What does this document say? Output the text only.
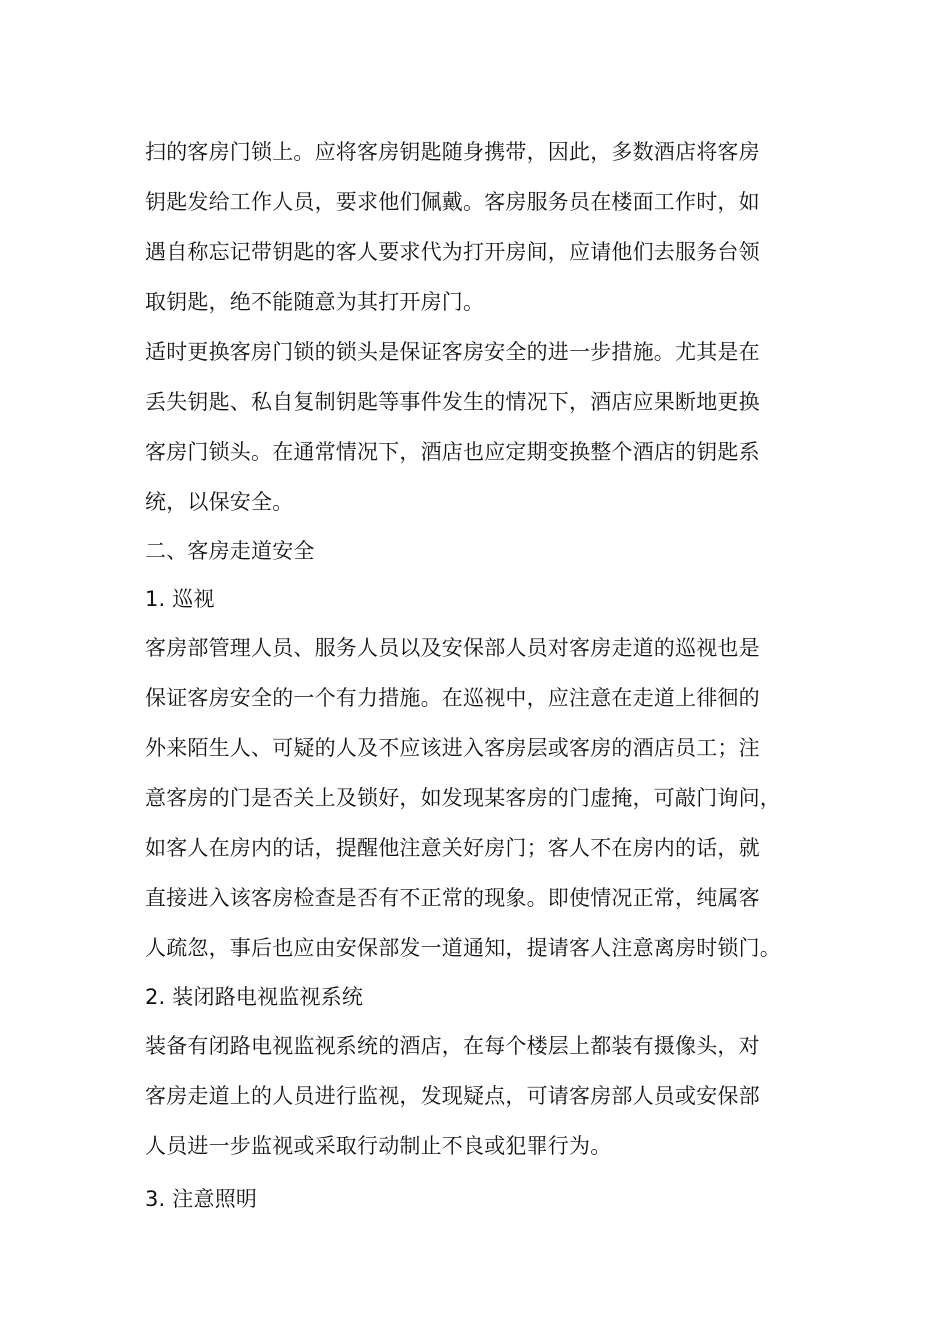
扫的客房门锁上。应将客房钥匙随身携带，因此，多数酒店将客房
钥匙发给工作人员，要求他们佩戴。客房服务员在楼面工作时，如
遇自称忘记带钥匙的客人要求代为打开房间，应请他们去服务台领
取钥匙，绝不能随意为其打开房门。
适时更换客房门锁的锁头是保证客房安全的进一步措施。尤其是在
丢失钥匙、私自复制钥匙等事件发生的情况下，酒店应果断地更换
客房门锁头。在通常情况下，酒店也应定期变换整个酒店的钥匙系
统，以保安全。
二、客房走道安全
1. 巡视
客房部管理人员、服务人员以及安保部人员对客房走道的巡视也是
保证客房安全的一个有力措施。在巡视中，应注意在走道上徘徊的
外来陌生人、可疑的人及不应该进入客房层或客房的酒店员工；注
意客房的门是否关上及锁好，如发现某客房的门虚掩，可敲门询问，
如客人在房内的话，提醒他注意关好房门；客人不在房内的话，就
直接进入该客房检查是否有不正常的现象。即使情况正常，纯属客
人疏忽，事后也应由安保部发一道通知，提请客人注意离房时锁门。
2. 装闭路电视监视系统
装备有闭路电视监视系统的酒店，在每个楼层上都装有摄像头，对
客房走道上的人员进行监视，发现疑点，可请客房部人员或安保部
人员进一步监视或采取行动制止不良或犯罪行为。
3. 注意照明
